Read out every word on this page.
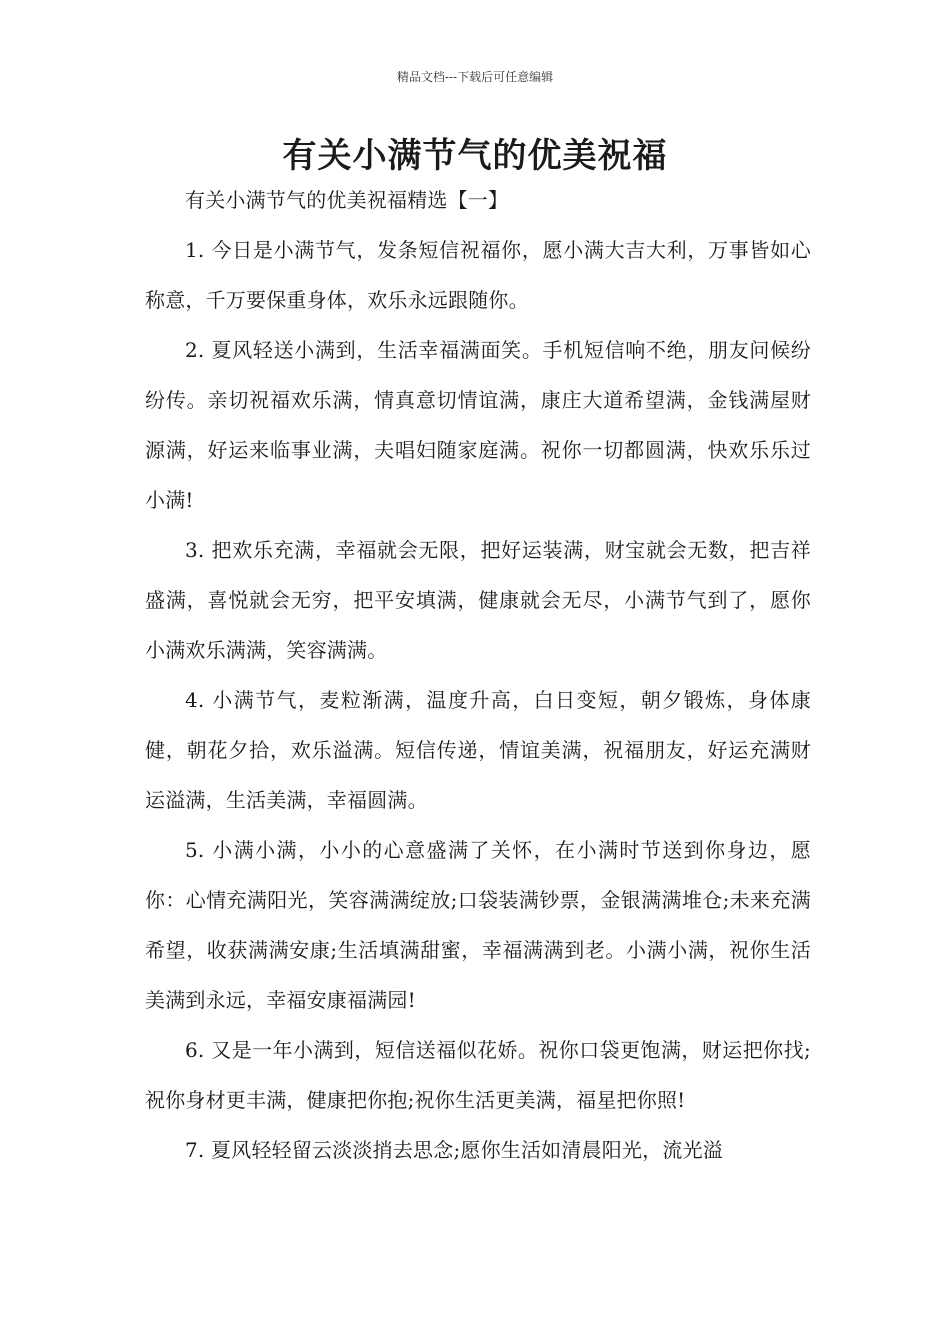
精品文档---下载后可任意编辑
有关小满节气的优美祝福

有关小满节气的优美祝福精选【一】

1. 今日是小满节气，发条短信祝福你，愿小满大吉大利，万事皆如心称意，千万要保重身体，欢乐永远跟随你。

2. 夏风轻送小满到，生活幸福满面笑。手机短信响不绝，朋友问候纷纷传。亲切祝福欢乐满，情真意切情谊满，康庄大道希望满，金钱满屋财源满，好运来临事业满，夫唱妇随家庭满。祝你一切都圆满，快欢乐乐过小满!

3. 把欢乐充满，幸福就会无限，把好运装满，财宝就会无数，把吉祥盛满，喜悦就会无穷，把平安填满，健康就会无尽，小满节气到了，愿你小满欢乐满满，笑容满满。

4. 小满节气，麦粒渐满，温度升高，白日变短，朝夕锻炼，身体康健，朝花夕拾，欢乐溢满。短信传递，情谊美满，祝福朋友，好运充满财运溢满，生活美满，幸福圆满。

5. 小满小满，小小的心意盛满了关怀，在小满时节送到你身边，愿你：心情充满阳光，笑容满满绽放;口袋装满钞票，金银满满堆仓;未来充满希望，收获满满安康;生活填满甜蜜，幸福满满到老。小满小满，祝你生活美满到永远，幸福安康福满园!

6. 又是一年小满到，短信送福似花娇。祝你口袋更饱满，财运把你找;祝你身材更丰满，健康把你抱;祝你生活更美满，福星把你照!

7. 夏风轻轻留云淡淡捎去思念;愿你生活如清晨阳光，流光溢
